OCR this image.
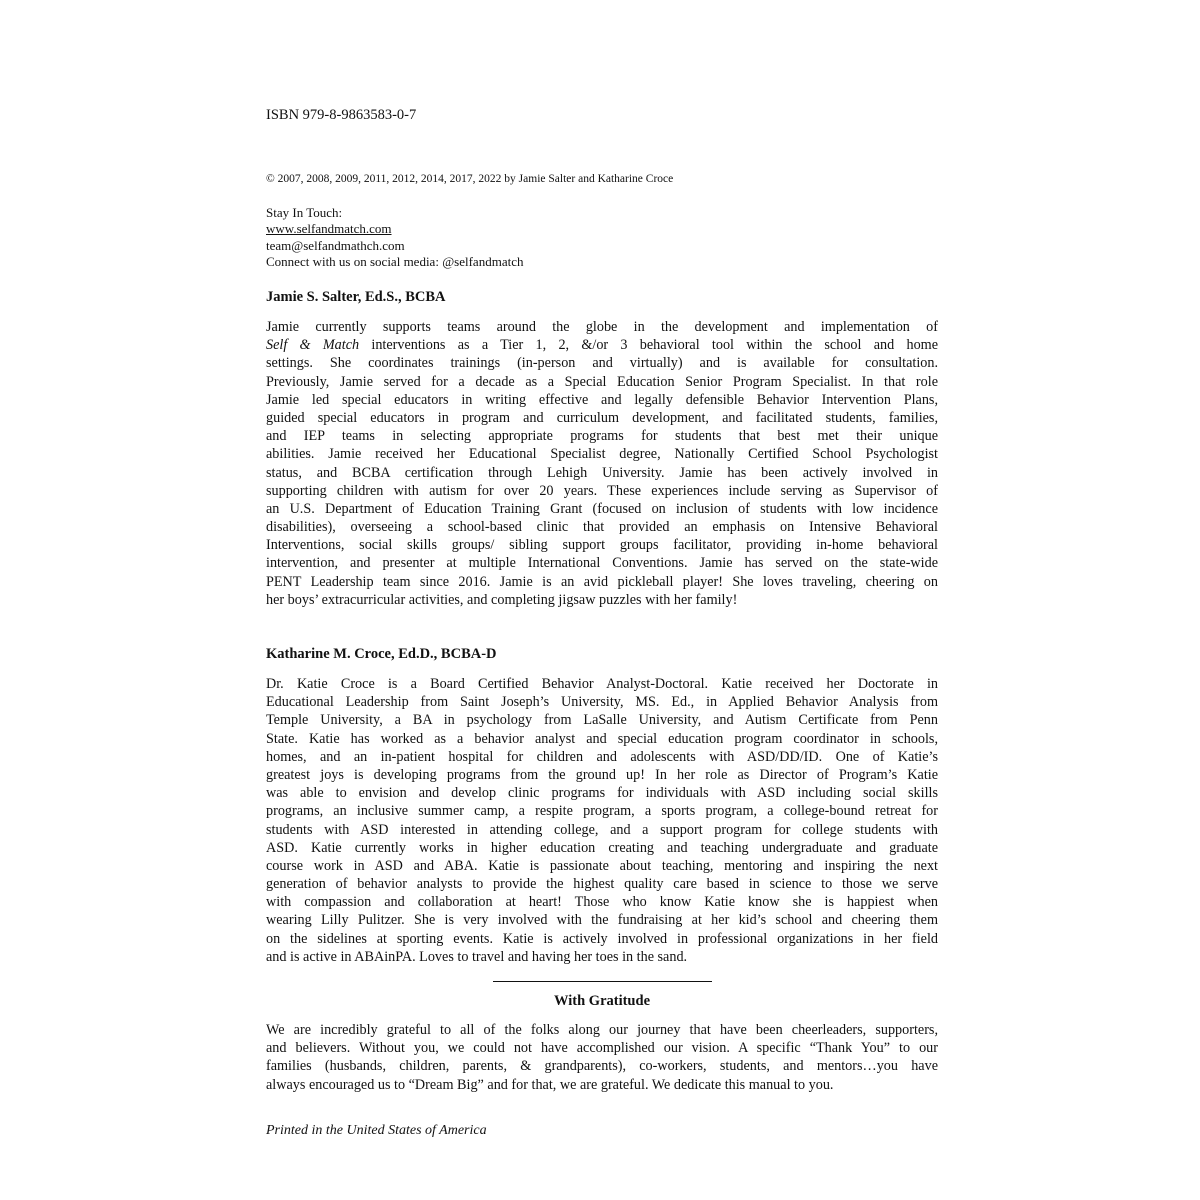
ISBN 979-8-9863583-0-7
© 2007, 2008, 2009, 2011, 2012, 2014, 2017, 2022 by Jamie Salter and Katharine Croce
Stay In Touch:
www.selfandmatch.com
team@selfandmathch.com
Connect with us on social media: @selfandmatch
Jamie S. Salter, Ed.S., BCBA
Jamie currently supports teams around the globe in the development and implementation of
Self & Match interventions as a Tier 1, 2, &/or 3 behavioral tool within the school and home
settings. She coordinates trainings (in-person and virtually) and is available for consultation.
Previously, Jamie served for a decade as a Special Education Senior Program Specialist. In that role
Jamie led special educators in writing effective and legally defensible Behavior Intervention Plans,
guided special educators in program and curriculum development, and facilitated students, families,
and IEP teams in selecting appropriate programs for students that best met their unique
abilities. Jamie received her Educational Specialist degree, Nationally Certified School Psychologist
status, and BCBA certification through Lehigh University. Jamie has been actively involved in
supporting children with autism for over 20 years. These experiences include serving as Supervisor of
an U.S. Department of Education Training Grant (focused on inclusion of students with low incidence
disabilities), overseeing a school-based clinic that provided an emphasis on Intensive Behavioral
Interventions, social skills groups/ sibling support groups facilitator, providing in-home behavioral
intervention, and presenter at multiple International Conventions. Jamie has served on the state-wide
PENT Leadership team since 2016. Jamie is an avid pickleball player! She loves traveling, cheering on
her boys’ extracurricular activities, and completing jigsaw puzzles with her family!
Katharine M. Croce, Ed.D., BCBA-D
Dr. Katie Croce is a Board Certified Behavior Analyst-Doctoral. Katie received her Doctorate in
Educational Leadership from Saint Joseph’s University, MS. Ed., in Applied Behavior Analysis from
Temple University, a BA in psychology from LaSalle University, and Autism Certificate from Penn
State. Katie has worked as a behavior analyst and special education program coordinator in schools,
homes, and an in-patient hospital for children and adolescents with ASD/DD/ID. One of Katie’s
greatest joys is developing programs from the ground up! In her role as Director of Program’s Katie
was able to envision and develop clinic programs for individuals with ASD including social skills
programs, an inclusive summer camp, a respite program, a sports program, a college-bound retreat for
students with ASD interested in attending college, and a support program for college students with
ASD. Katie currently works in higher education creating and teaching undergraduate and graduate
course work in ASD and ABA. Katie is passionate about teaching, mentoring and inspiring the next
generation of behavior analysts to provide the highest quality care based in science to those we serve
with compassion and collaboration at heart! Those who know Katie know she is happiest when
wearing Lilly Pulitzer. She is very involved with the fundraising at her kid’s school and cheering them
on the sidelines at sporting events. Katie is actively involved in professional organizations in her field
and is active in ABAinPA. Loves to travel and having her toes in the sand.
With Gratitude
We are incredibly grateful to all of the folks along our journey that have been cheerleaders, supporters,
and believers. Without you, we could not have accomplished our vision. A specific “Thank You” to our
families (husbands, children, parents, & grandparents), co-workers, students, and mentors…you have
always encouraged us to “Dream Big” and for that, we are grateful. We dedicate this manual to you.
Printed in the United States of America
